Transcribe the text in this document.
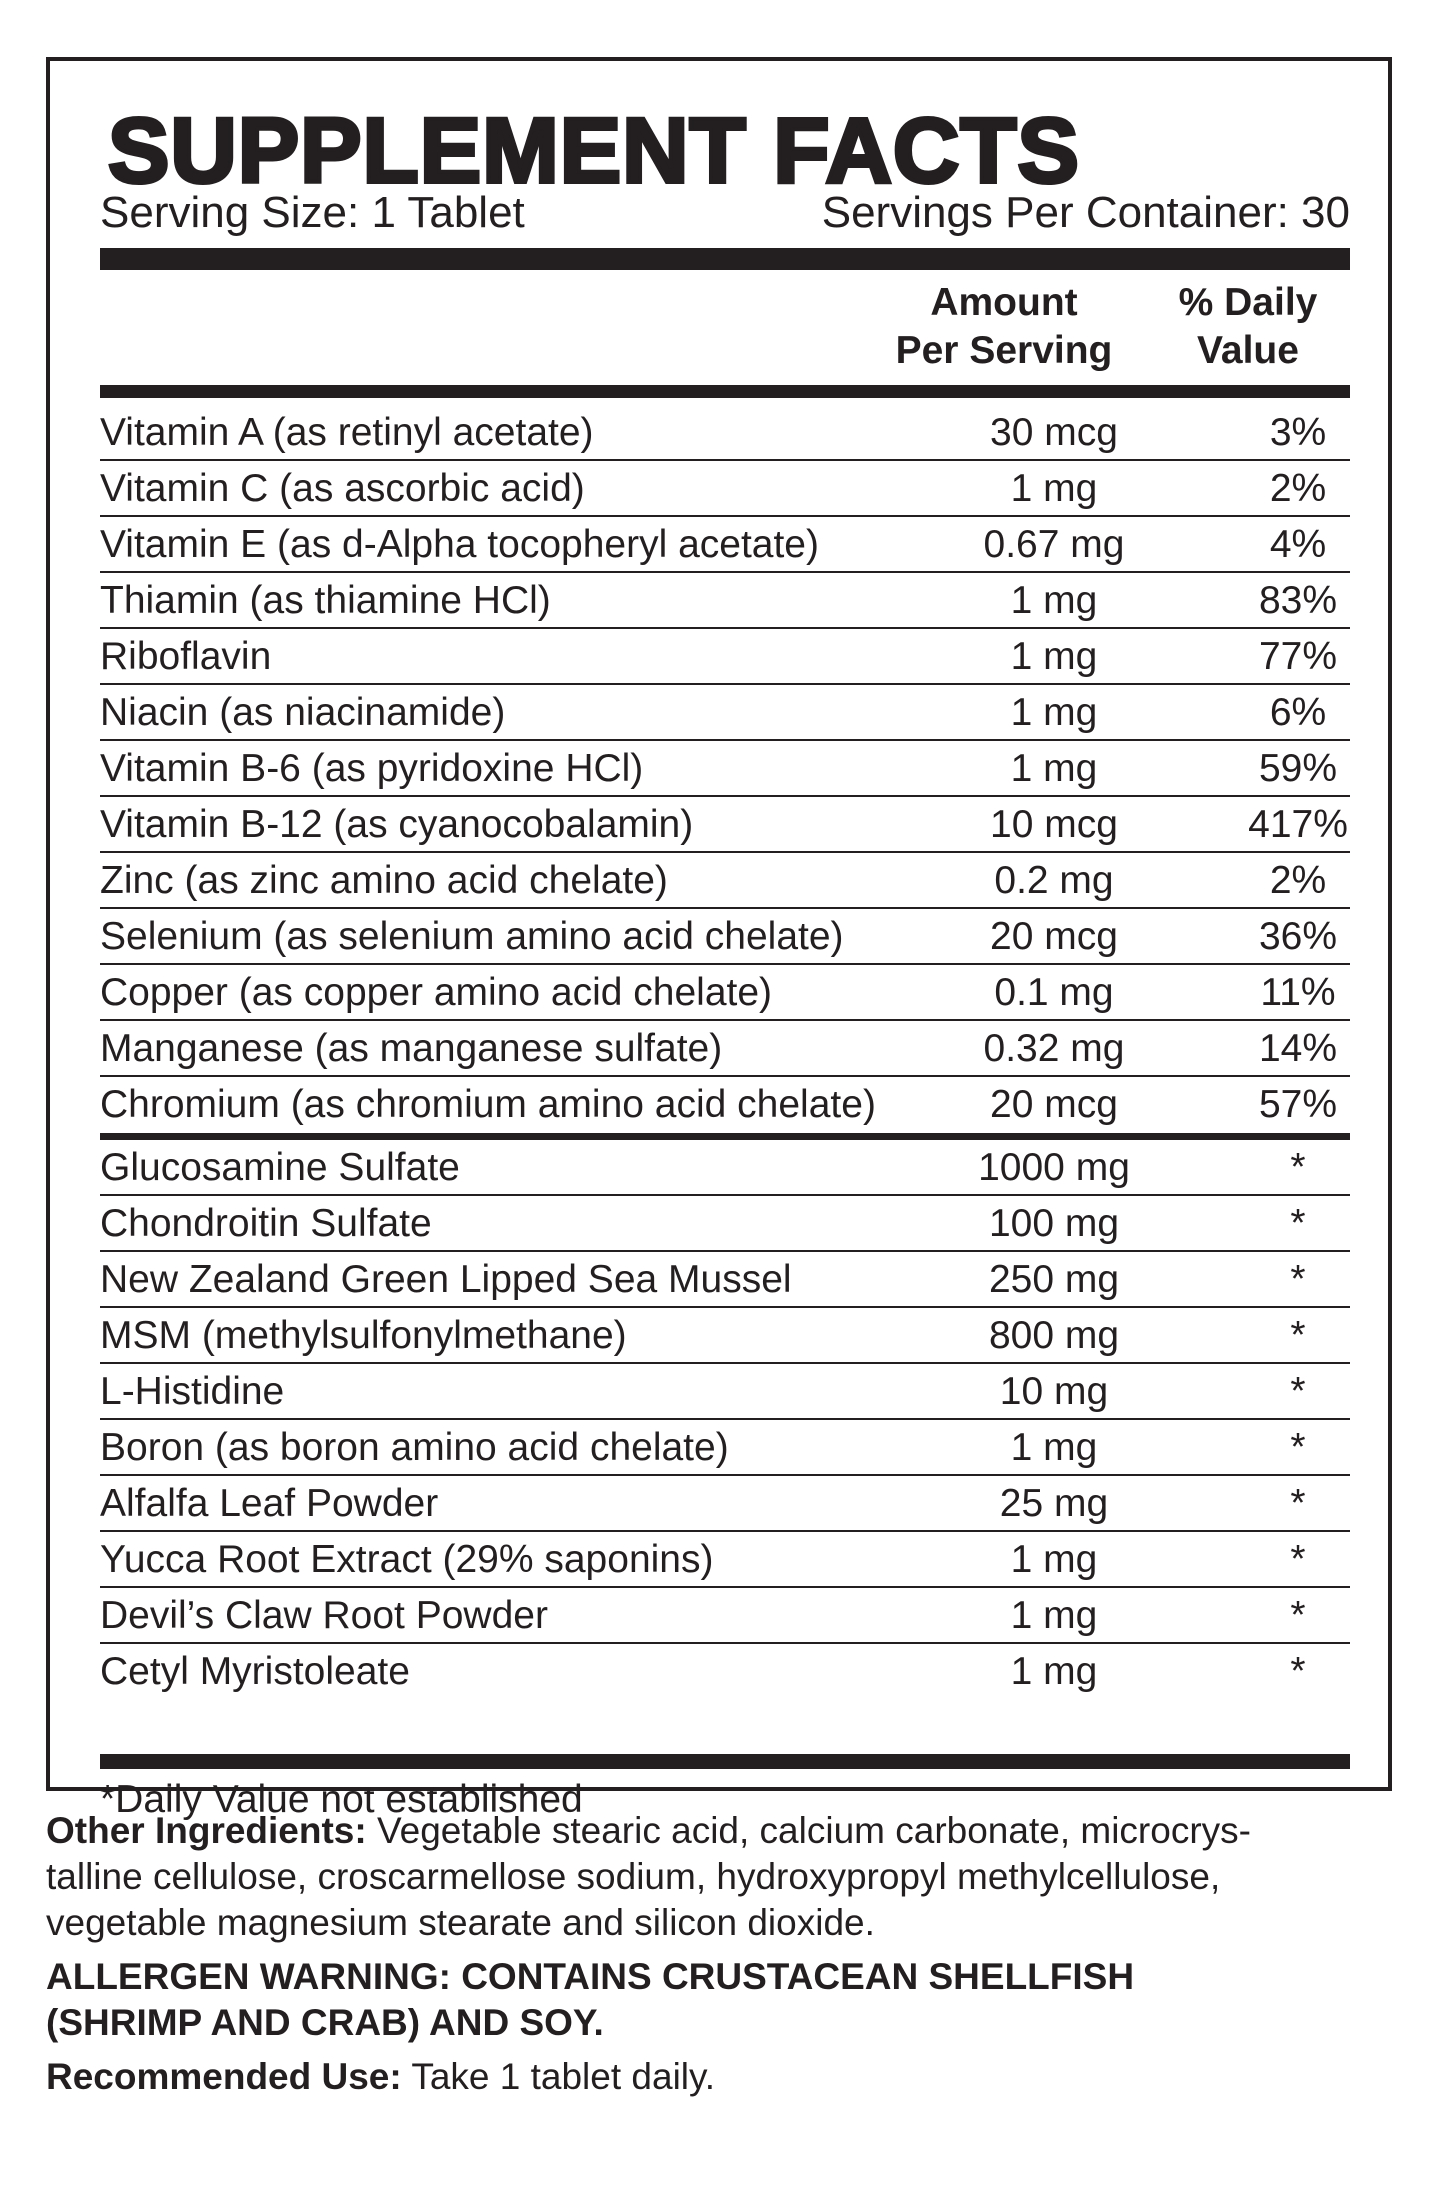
SUPPLEMENT FACTS
Serving Size: 1 Tablet	Servings Per Container: 30
Amount
Per Serving
% Daily
Value
Vitamin A (as retinyl acetate)	30 mcg	3%
Vitamin C (as ascorbic acid)	1 mg	2%
Vitamin E (as d-Alpha tocopheryl acetate)	0.67 mg	4%
Thiamin (as thiamine HCl)	1 mg	83%
Riboflavin	1 mg	77%
Niacin (as niacinamide)	1 mg	6%
Vitamin B-6 (as pyridoxine HCl)	1 mg	59%
Vitamin B-12 (as cyanocobalamin)	10 mcg	417%
Zinc (as zinc amino acid chelate)	0.2 mg	2%
Selenium (as selenium amino acid chelate)	20 mcg	36%
Copper (as copper amino acid chelate)	0.1 mg	11%
Manganese (as manganese sulfate)	0.32 mg	14%
Chromium (as chromium amino acid chelate)	20 mcg	57%
Glucosamine Sulfate	1000 mg	*
Chondroitin Sulfate	100 mg	*
New Zealand Green Lipped Sea Mussel	250 mg	*
MSM (methylsulfonylmethane)	800 mg	*
L-Histidine	10 mg	*
Boron (as boron amino acid chelate)	1 mg	*
Alfalfa Leaf Powder	25 mg	*
Yucca Root Extract (29% saponins)	1 mg	*
Devil’s Claw Root Powder	1 mg	*
Cetyl Myristoleate	1 mg	*
*Daily Value not established

Other Ingredients: Vegetable stearic acid, calcium carbonate, microcrys-
talline cellulose, croscarmellose sodium, hydroxypropyl methylcellulose,
vegetable magnesium stearate and silicon dioxide.

ALLERGEN WARNING: CONTAINS CRUSTACEAN SHELLFISH
(SHRIMP AND CRAB) AND SOY.

Recommended Use: Take 1 tablet daily.
